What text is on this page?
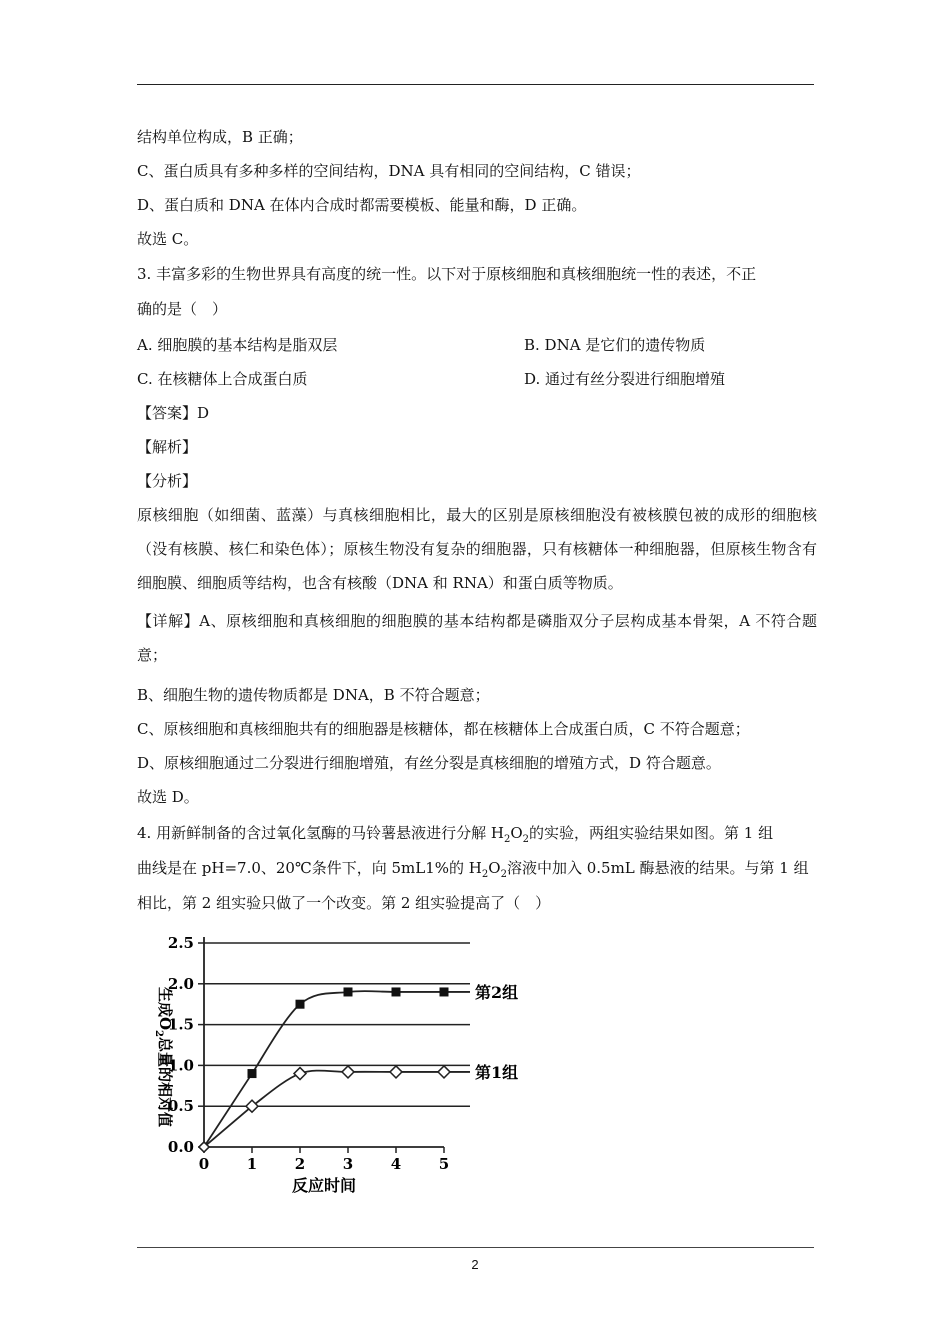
结构单位构成，B 正确；
C、蛋白质具有多种多样的空间结构，DNA 具有相同的空间结构，C 错误；
D、蛋白质和 DNA 在体内合成时都需要模板、能量和酶，D 正确。
故选 C。
3. 丰富多彩的生物世界具有高度的统一性。以下对于原核细胞和真核细胞统一性的表述，不正
确的是（　）
A. 细胞膜的基本结构是脂双层	B. DNA 是它们的遗传物质
C. 在核糖体上合成蛋白质	D. 通过有丝分裂进行细胞增殖
【答案】D
【解析】
【分析】
原核细胞（如细菌、蓝藻）与真核细胞相比，最大的区别是原核细胞没有被核膜包被的成形的细胞核（没有核膜、核仁和染色体）；原核生物没有复杂的细胞器，只有核糖体一种细胞器，但原核生物含有细胞膜、细胞质等结构，也含有核酸（DNA 和 RNA）和蛋白质等物质。
【详解】A、原核细胞和真核细胞的细胞膜的基本结构都是磷脂双分子层构成基本骨架，A 不符合题意；
B、细胞生物的遗传物质都是 DNA，B 不符合题意；
C、原核细胞和真核细胞共有的细胞器是核糖体，都在核糖体上合成蛋白质，C 不符合题意；
D、原核细胞通过二分裂进行细胞增殖，有丝分裂是真核细胞的增殖方式，D 符合题意。
故选 D。
4. 用新鲜制备的含过氧化氢酶的马铃薯悬液进行分解 $H_2O_2$的实验，两组实验结果如图。第 1 组
曲线是在 pH=7.0、20℃条件下，向 5mL1%的 $H_2O_2$溶液中加入 0.5mL 酶悬液的结果。与第 1 组
相比，第 2 组实验只做了一个改变。第 2 组实验提高了（　）
0.0
0.5
1.0
1.5
2.0
2.5
0	1	2	3	4	5
第2组
第1组
反应时间
生成$O_2$总量的相对值
2
